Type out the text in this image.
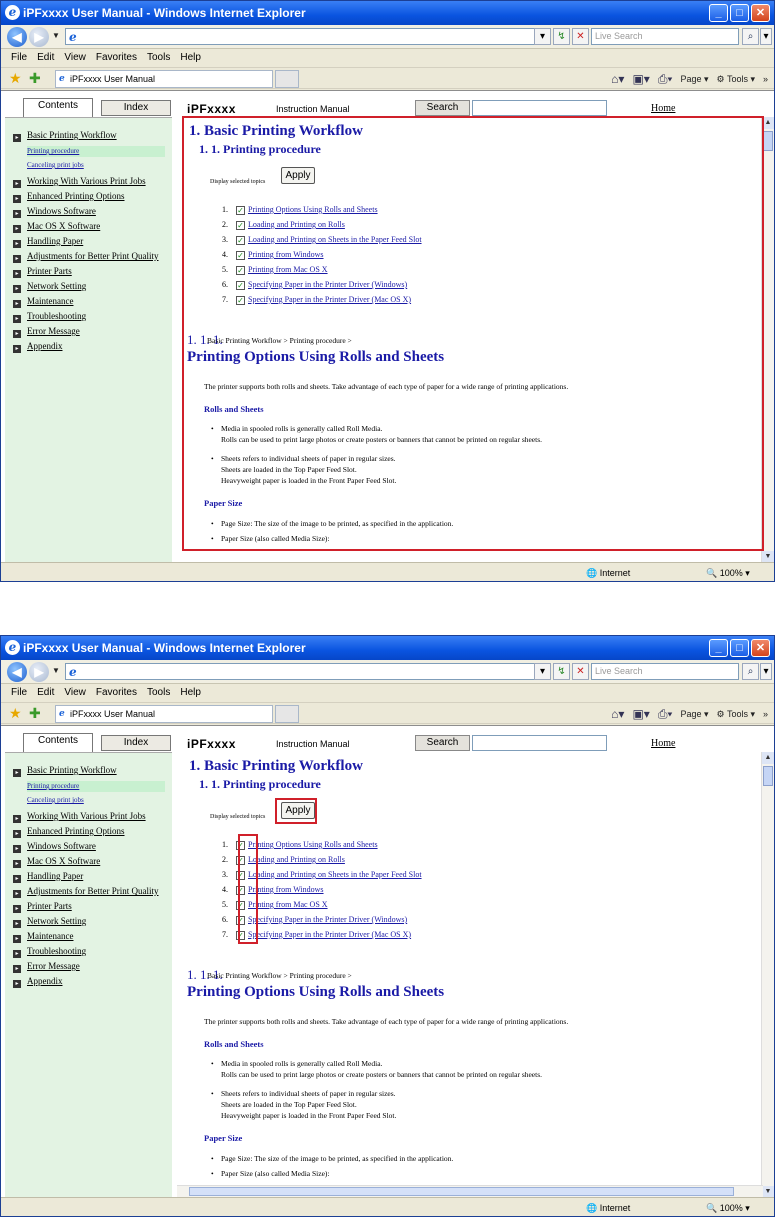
e iPFxxxx User Manual - Windows Internet Explorer	_	□	✕
◀	▶	▼ e	▾	↯	✕	Live Search	⌕	▾
File Edit View Favorites Tools Help
★ ✚ e iPFxxxx User Manual	⌂▾ ▣▾ ⎙▾ Page ▾ ⚙ Tools ▾ »
Contents	Index	iPFxxxx	Instruction Manual	Search	Home
▸ Basic Printing Workflow
Printing procedure
Canceling print jobs
▸ Working With Various Print Jobs
▸ Enhanced Printing Options
▸ Windows Software
▸ Mac OS X Software
▸ Handling Paper
▸ Adjustments for Better Print Quality
▸ Printer Parts
▸ Network Setting
▸ Maintenance
▸ Troubleshooting
▸ Error Message
▸ Appendix
1. Basic Printing Workflow
1. 1. Printing procedure
Display selected topics
Apply
1. ✓ Printing Options Using Rolls and Sheets
2. ✓ Loading and Printing on Rolls
3. ✓ Loading and Printing on Sheets in the Paper Feed Slot
4. ✓ Printing from Windows
5. ✓ Printing from Mac OS X
6. ✓ Specifying Paper in the Printer Driver (Windows)
7. ✓ Specifying Paper in the Printer Driver (Mac OS X)
1. 1. 1.
Basic Printing Workflow > Printing procedure >
Printing Options Using Rolls and Sheets
The printer supports both rolls and sheets. Take advantage of each type of paper for a wide range of printing applications.
Rolls and Sheets
• Media in spooled rolls is generally called Roll Media.
Rolls can be used to print large photos or create posters or banners that cannot be printed on regular sheets.
• Sheets refers to individual sheets of paper in regular sizes.
Sheets are loaded in the Top Paper Feed Slot.
Heavyweight paper is loaded in the Front Paper Feed Slot.
Paper Size
• Page Size: The size of the image to be printed, as specified in the application.
• Paper Size (also called Media Size):
▲
▼
🌐 Internet	🔍 100% ▾
e iPFxxxx User Manual - Windows Internet Explorer	_	□	✕
◀	▶	▼ e	▾	↯	✕	Live Search	⌕	▾
File Edit View Favorites Tools Help
★ ✚ e iPFxxxx User Manual	⌂▾ ▣▾ ⎙▾ Page ▾ ⚙ Tools ▾ »
Contents	Index	iPFxxxx	Instruction Manual	Search	Home
▸ Basic Printing Workflow
Printing procedure
Canceling print jobs
▸ Working With Various Print Jobs
▸ Enhanced Printing Options
▸ Windows Software
▸ Mac OS X Software
▸ Handling Paper
▸ Adjustments for Better Print Quality
▸ Printer Parts
▸ Network Setting
▸ Maintenance
▸ Troubleshooting
▸ Error Message
▸ Appendix
1. Basic Printing Workflow
1. 1. Printing procedure
Display selected topics
Apply
1. ✓ Printing Options Using Rolls and Sheets
2. ✓ Loading and Printing on Rolls
3. ✓ Loading and Printing on Sheets in the Paper Feed Slot
4. ✓ Printing from Windows
5. ✓ Printing from Mac OS X
6. ✓ Specifying Paper in the Printer Driver (Windows)
7. ✓ Specifying Paper in the Printer Driver (Mac OS X)
1. 1. 1.
Basic Printing Workflow > Printing procedure >
Printing Options Using Rolls and Sheets
The printer supports both rolls and sheets. Take advantage of each type of paper for a wide range of printing applications.
Rolls and Sheets
• Media in spooled rolls is generally called Roll Media.
Rolls can be used to print large photos or create posters or banners that cannot be printed on regular sheets.
• Sheets refers to individual sheets of paper in regular sizes.
Sheets are loaded in the Top Paper Feed Slot.
Heavyweight paper is loaded in the Front Paper Feed Slot.
Paper Size
• Page Size: The size of the image to be printed, as specified in the application.
• Paper Size (also called Media Size):
▲
▼
🌐 Internet	🔍 100% ▾
